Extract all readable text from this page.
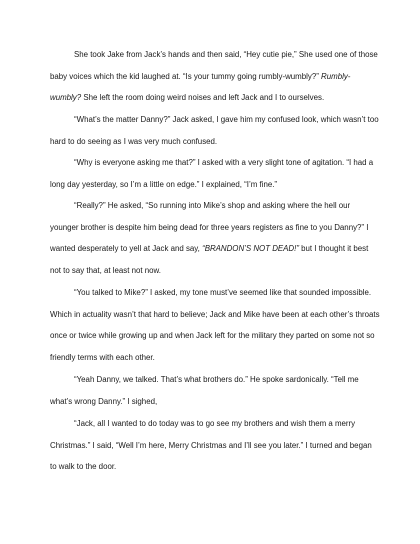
She took Jake from Jack’s hands and then said, “Hey cutie pie,” She used one of those baby voices which the kid laughed at. “Is your tummy going rumbly-wumbly?” Rumbly-wumbly? She left the room doing weird noises and left Jack and I to ourselves.

“What’s the matter Danny?” Jack asked, I gave him my confused look, which wasn’t too hard to do seeing as I was very much confused.

“Why is everyone asking me that?” I asked with a very slight tone of agitation. “I had a long day yesterday, so I’m a little on edge.” I explained, “I’m fine.”

“Really?” He asked, “So running into Mike’s shop and asking where the hell our younger brother is despite him being dead for three years registers as fine to you Danny?” I wanted desperately to yell at Jack and say, “BRANDON’S NOT DEAD!” but I thought it best not to say that, at least not now.

“You talked to Mike?” I asked, my tone must’ve seemed like that sounded impossible. Which in actuality wasn’t that hard to believe; Jack and Mike have been at each other’s throats once or twice while growing up and when Jack left for the military they parted on some not so friendly terms with each other.

“Yeah Danny, we talked. That’s what brothers do.” He spoke sardonically. “Tell me what’s wrong Danny.” I sighed,

“Jack, all I wanted to do today was to go see my brothers and wish them a merry Christmas.” I said, “Well I’m here, Merry Christmas and I’ll see you later.” I turned and began to walk to the door.
